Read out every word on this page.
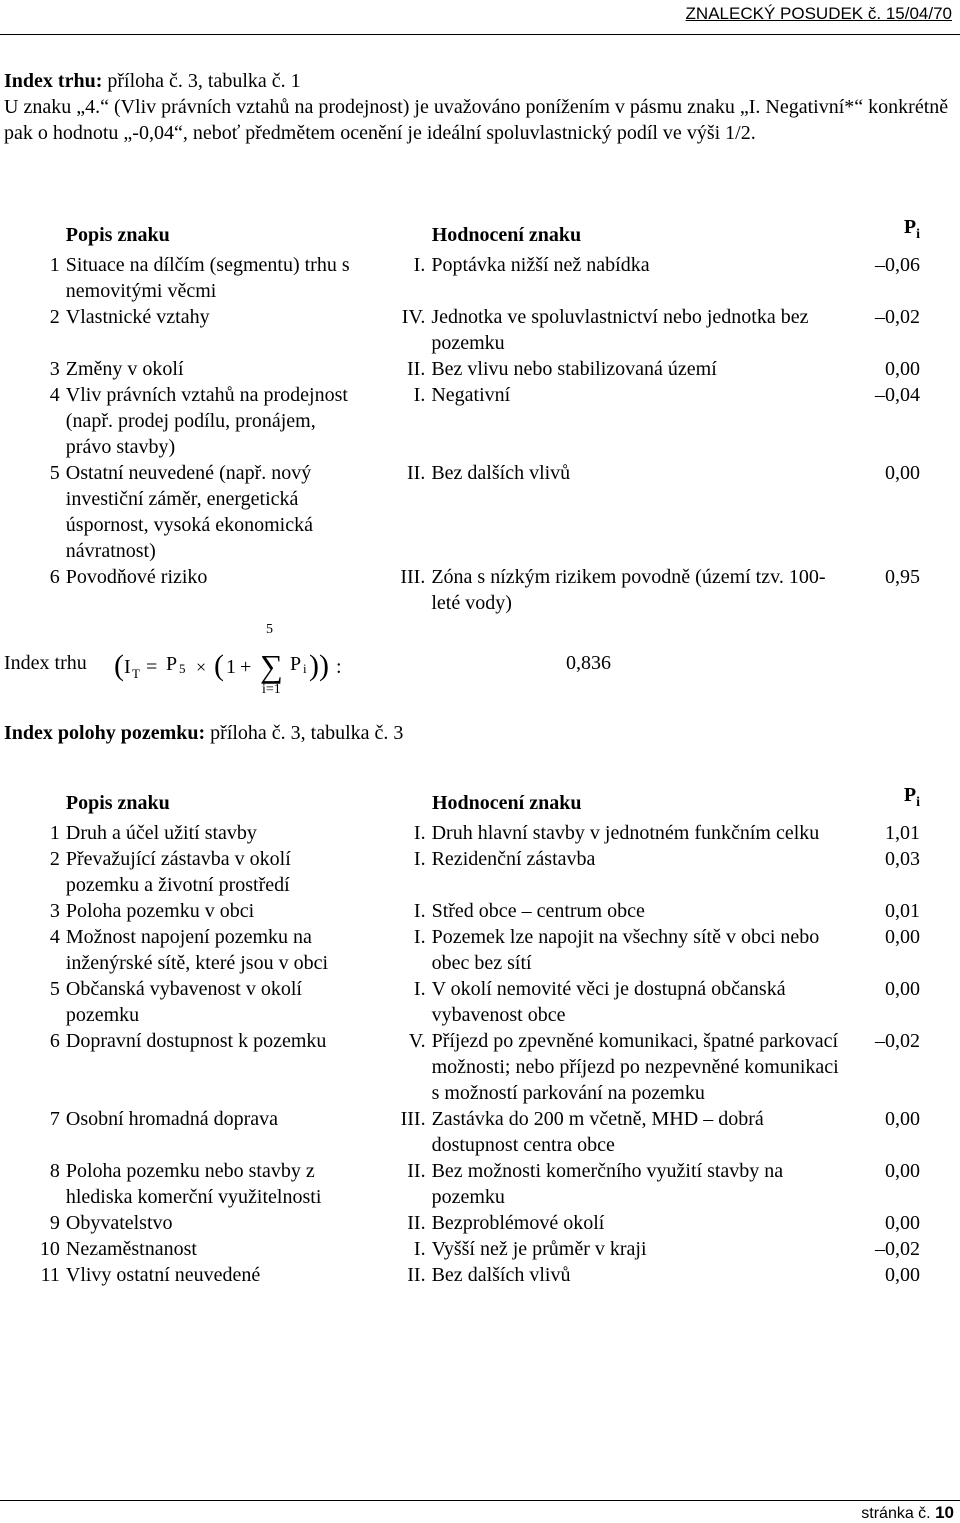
ZNALECKÝ POSUDEK č. 15/04/70

Index trhu: příloha č. 3, tabulka č. 1

U znaku „4.“ (Vliv právních vztahů na prodejnost) je uvažováno ponížením v pásmu znaku „I. Negativní*“ konkrétně pak o hodnotu „-0,04“, neboť předmětem ocenění je ideální spoluvlastnický podíl ve výši 1/2.

	Popis znaku	Hodnocení znaku		$P_i$
1	Situace na dílčím (segmentu) trhu s nemovitými věcmi	I.	Poptávka nižší než nabídka	–0,06
2	Vlastnické vztahy	IV.	Jednotka ve spoluvlastnictví nebo jednotka bez pozemku	–0,02
3	Změny v okolí	II.	Bez vlivu nebo stabilizovaná území	0,00
4	Vliv právních vztahů na prodejnost (např. prodej podílu, pronájem, právo stavby)	I.	Negativní	–0,04
5	Ostatní neuvedené (např. nový investiční záměr, energetická úspornost, vysoká ekonomická návratnost)	II.	Bez dalších vlivů	0,00
6	Povodňové riziko	III.	Zóna s nízkým rizikem povodně (území tzv. 100-leté vody)	0,95
Index trhu ( I T = P 5 × ( 1 + ∑ P i )) :
5
i=1
0,836
Index polohy pozemku: příloha č. 3, tabulka č. 3
	Popis znaku	Hodnocení znaku		$P_i$
1	Druh a účel užití stavby	I.	Druh hlavní stavby v jednotném funkčním celku	1,01
2	Převažující zástavba v okolí pozemku a životní prostředí	I.	Rezidenční zástavba	0,03
3	Poloha pozemku v obci	I.	Střed obce – centrum obce	0,01
4	Možnost napojení pozemku na inženýrské sítě, které jsou v obci	I.	Pozemek lze napojit na všechny sítě v obci nebo obec bez sítí	0,00
5	Občanská vybavenost v okolí pozemku	I.	V okolí nemovité věci je dostupná občanská vybavenost obce	0,00
6	Dopravní dostupnost k pozemku	V.	Příjezd po zpevněné komunikaci, špatné parkovací možnosti; nebo příjezd po nezpevněné komunikaci s možností parkování na pozemku	–0,02
7	Osobní hromadná doprava	III.	Zastávka do 200 m včetně, MHD – dobrá dostupnost centra obce	0,00
8	Poloha pozemku nebo stavby z hlediska komerční využitelnosti	II.	Bez možnosti komerčního využití stavby na pozemku	0,00
9	Obyvatelstvo	II.	Bezproblémové okolí	0,00
10	Nezaměstnanost	I.	Vyšší než je průměr v kraji	–0,02
11	Vlivy ostatní neuvedené	II.	Bez dalších vlivů	0,00
stránka č. 10
